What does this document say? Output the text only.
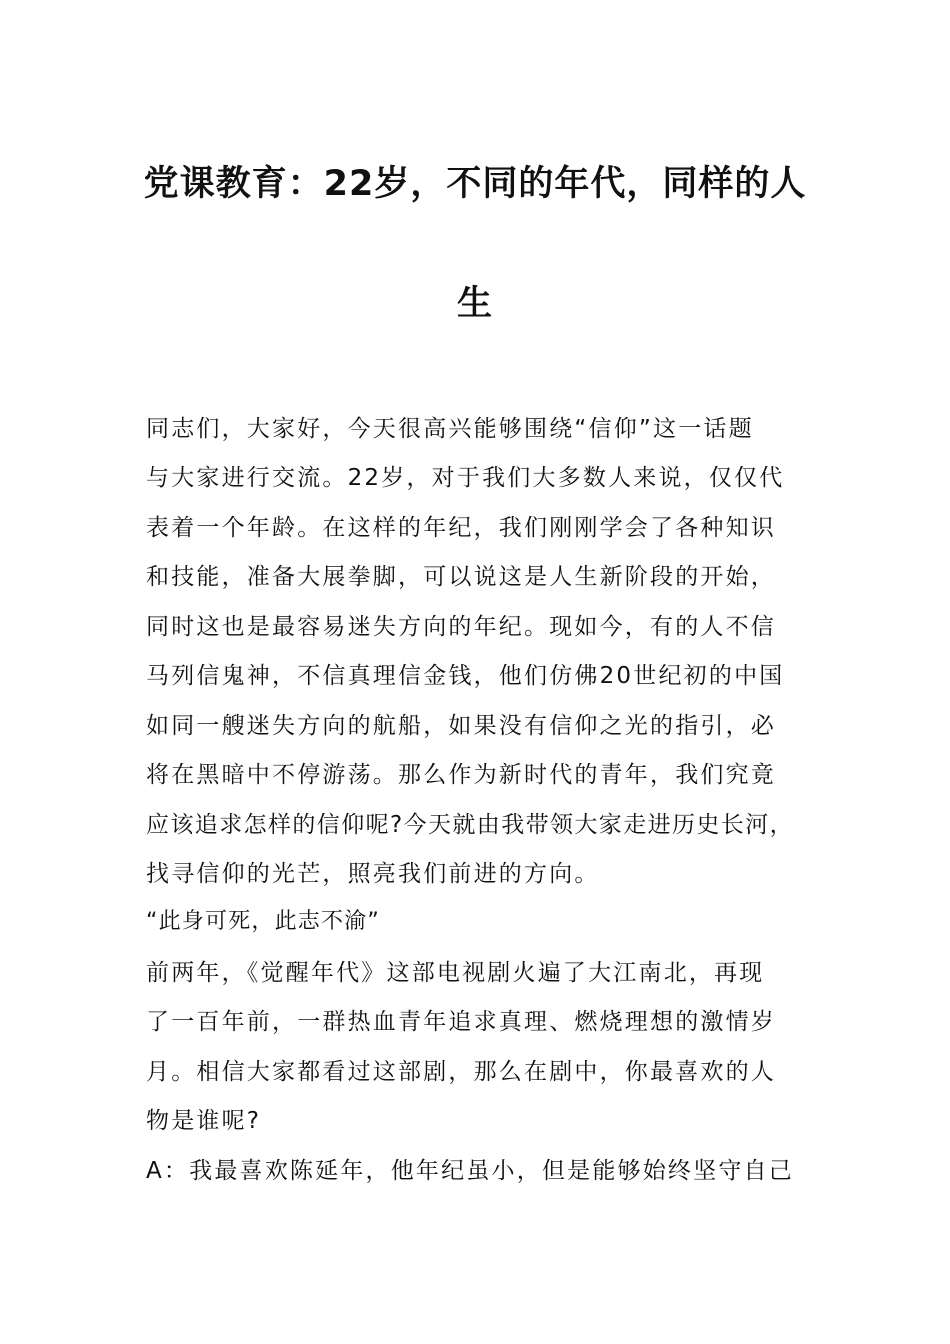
党课教育：22岁，不同的年代，同样的人
生
同志们，大家好，今天很高兴能够围绕“信仰”这一话题
与大家进行交流。22岁，对于我们大多数人来说，仅仅代
表着一个年龄。在这样的年纪，我们刚刚学会了各种知识
和技能，准备大展拳脚，可以说这是人生新阶段的开始，
同时这也是最容易迷失方向的年纪。现如今，有的人不信
马列信鬼神，不信真理信金钱，他们仿佛20世纪初的中国
如同一艘迷失方向的航船，如果没有信仰之光的指引，必
将在黑暗中不停游荡。那么作为新时代的青年，我们究竟
应该追求怎样的信仰呢?今天就由我带领大家走进历史长河，
找寻信仰的光芒，照亮我们前进的方向。
“此身可死，此志不渝”
前两年，《觉醒年代》这部电视剧火遍了大江南北，再现
了一百年前，一群热血青年追求真理、燃烧理想的激情岁
月。相信大家都看过这部剧，那么在剧中，你最喜欢的人
物是谁呢?
A：我最喜欢陈延年，他年纪虽小，但是能够始终坚守自己
